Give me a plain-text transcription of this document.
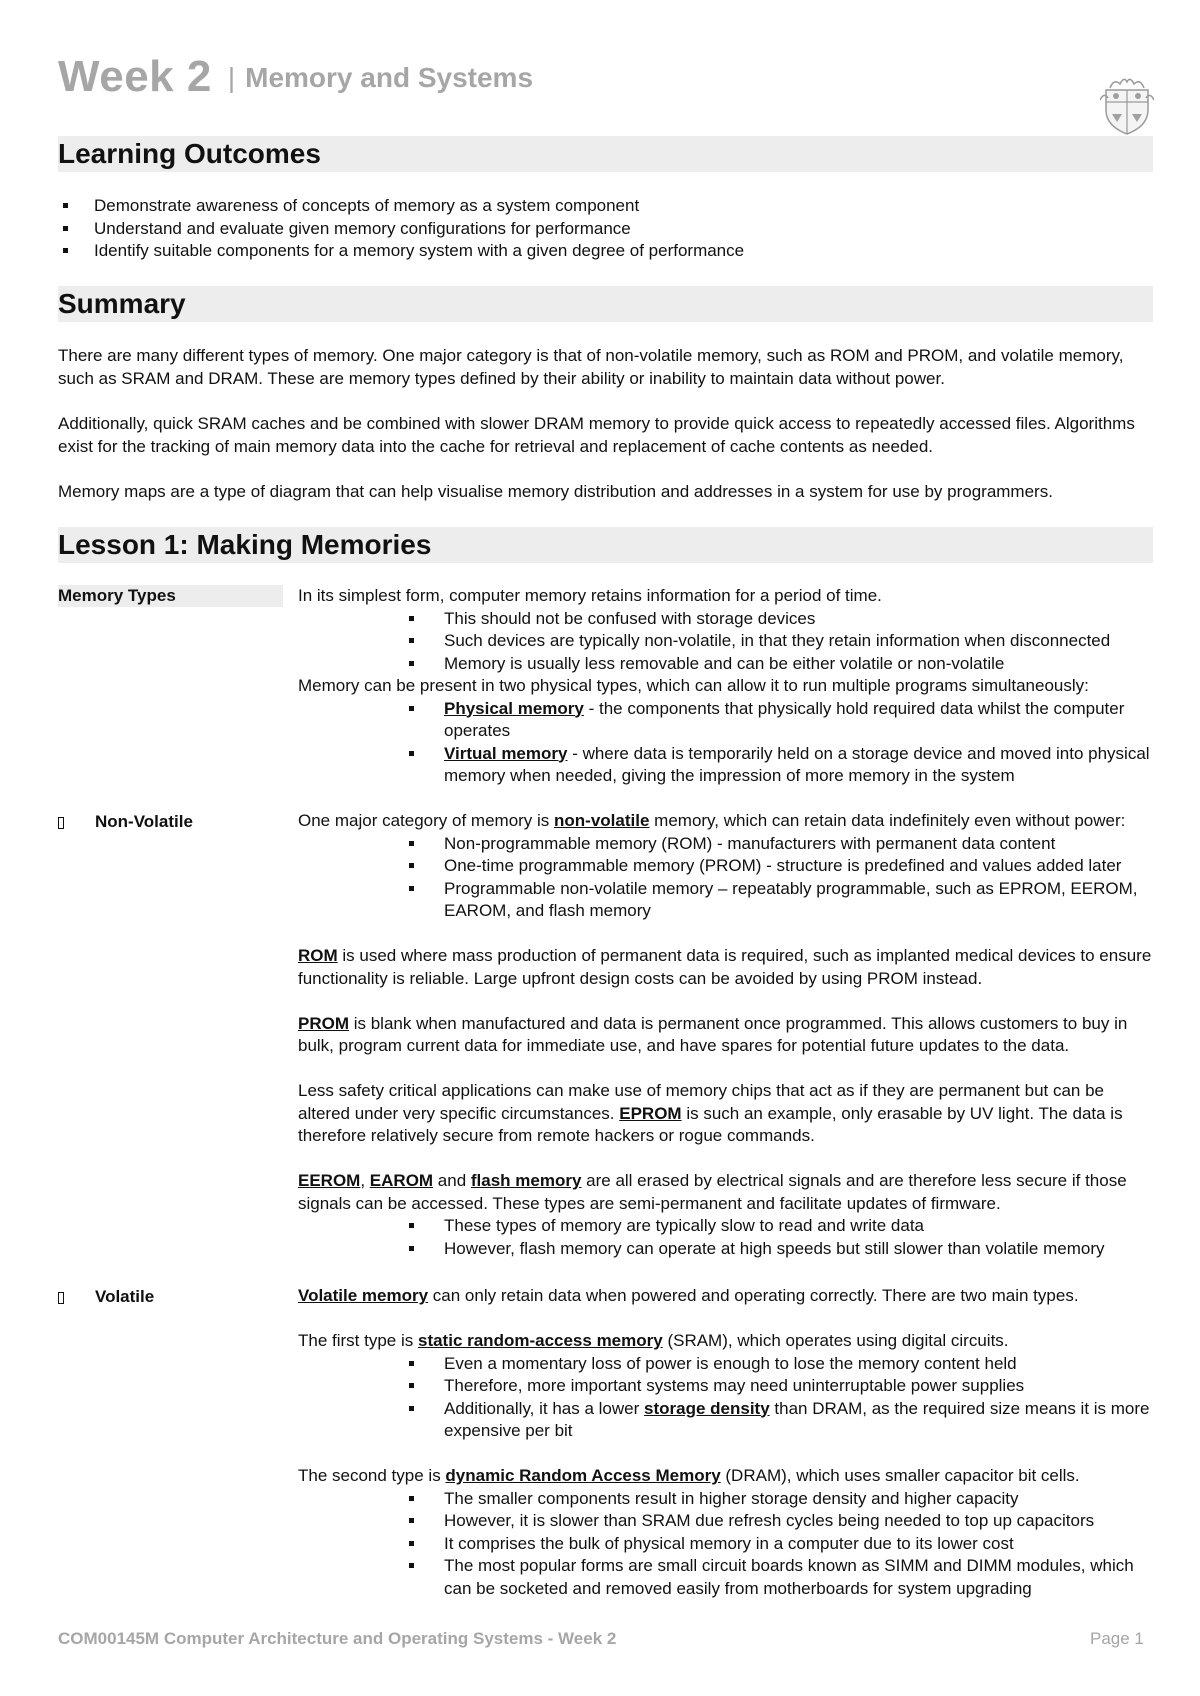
Week 2 | Memory and Systems
Learning Outcomes
Demonstrate awareness of concepts of memory as a system component
Understand and evaluate given memory configurations for performance
Identify suitable components for a memory system with a given degree of performance
Summary

There are many different types of memory. One major category is that of non-volatile memory, such as ROM and PROM, and volatile memory, such as SRAM and DRAM. These are memory types defined by their ability or inability to maintain data without power.

Additionally, quick SRAM caches and be combined with slower DRAM memory to provide quick access to repeatedly accessed files. Algorithms exist for the tracking of main memory data into the cache for retrieval and replacement of cache contents as needed.

Memory maps are a type of diagram that can help visualise memory distribution and addresses in a system for use by programmers.

Lesson 1: Making Memories
Memory Types
Non-Volatile
Volatile

In its simplest form, computer memory retains information for a period of time.

This should not be confused with storage devices
Such devices are typically non-volatile, in that they retain information when disconnected
Memory is usually less removable and can be either volatile or non-volatile

Memory can be present in two physical types, which can allow it to run multiple programs simultaneously:

Physical memory - the components that physically hold required data whilst the computer operates
Virtual memory - where data is temporarily held on a storage device and moved into physical memory when needed, giving the impression of more memory in the system

One major category of memory is non-volatile memory, which can retain data indefinitely even without power:

Non-programmable memory (ROM) - manufacturers with permanent data content
One-time programmable memory (PROM) - structure is predefined and values added later
Programmable non-volatile memory – repeatably programmable, such as EPROM, EEROM, EAROM, and flash memory

ROM is used where mass production of permanent data is required, such as implanted medical devices to ensure functionality is reliable. Large upfront design costs can be avoided by using PROM instead.

PROM is blank when manufactured and data is permanent once programmed. This allows customers to buy in bulk, program current data for immediate use, and have spares for potential future updates to the data.

Less safety critical applications can make use of memory chips that act as if they are permanent but can be altered under very specific circumstances. EPROM is such an example, only erasable by UV light. The data is therefore relatively secure from remote hackers or rogue commands.

EEROM, EAROM and flash memory are all erased by electrical signals and are therefore less secure if those signals can be accessed. These types are semi-permanent and facilitate updates of firmware.

These types of memory are typically slow to read and write data
However, flash memory can operate at high speeds but still slower than volatile memory

Volatile memory can only retain data when powered and operating correctly. There are two main types.

The first type is static random-access memory (SRAM), which operates using digital circuits.

Even a momentary loss of power is enough to lose the memory content held
Therefore, more important systems may need uninterruptable power supplies
Additionally, it has a lower storage density than DRAM, as the required size means it is more expensive per bit

The second type is dynamic Random Access Memory (DRAM), which uses smaller capacitor bit cells.

The smaller components result in higher storage density and higher capacity
However, it is slower than SRAM due refresh cycles being needed to top up capacitors
It comprises the bulk of physical memory in a computer due to its lower cost
The most popular forms are small circuit boards known as SIMM and DIMM modules, which can be socketed and removed easily from motherboards for system upgrading
COM00145M Computer Architecture and Operating Systems - Week 2	Page 1
